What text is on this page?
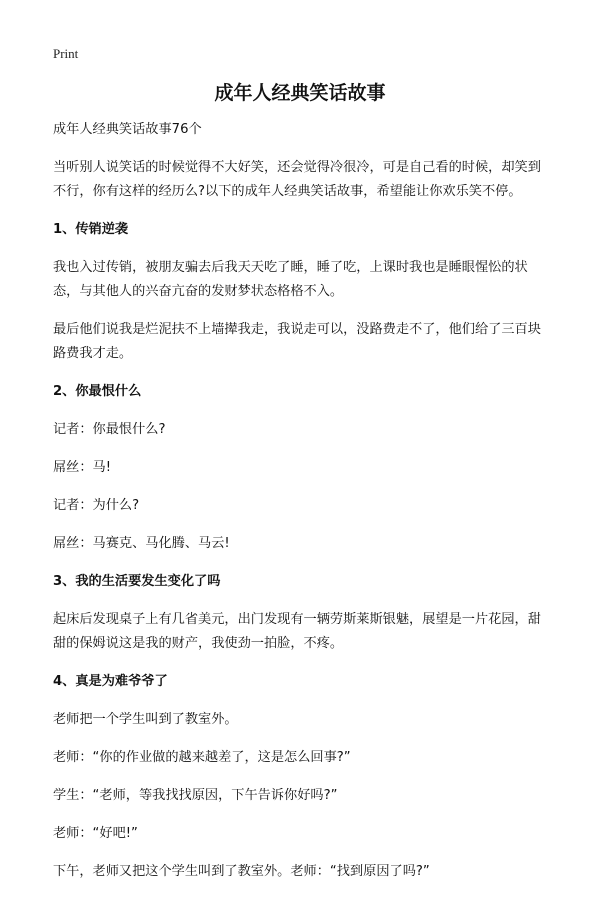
Print
成年人经典笑话故事

成年人经典笑话故事76个

当听别人说笑话的时候觉得不大好笑，还会觉得冷很冷，可是自己看的时候，却笑到不行，你有这样的经历么?以下的成年人经典笑话故事，希望能让你欢乐笑不停。

1、传销逆袭

我也入过传销，被朋友骗去后我天天吃了睡，睡了吃，上课时我也是睡眼惺忪的状态，与其他人的兴奋亢奋的发财梦状态格格不入。

最后他们说我是烂泥扶不上墙撵我走，我说走可以，没路费走不了，他们给了三百块路费我才走。

2、你最恨什么

记者：你最恨什么?

屌丝：马!

记者：为什么?

屌丝：马赛克、马化腾、马云!

3、我的生活要发生变化了吗

起床后发现桌子上有几省美元，出门发现有一辆劳斯莱斯银魅，展望是一片花园，甜甜的保姆说这是我的财产，我使劲一拍脸，不疼。

4、真是为难爷爷了

老师把一个学生叫到了教室外。

老师：“你的作业做的越来越差了，这是怎么回事?”

学生：“老师，等我找找原因，下午告诉你好吗?”

老师：“好吧!”

下午，老师又把这个学生叫到了教室外。老师：“找到原因了吗?”
